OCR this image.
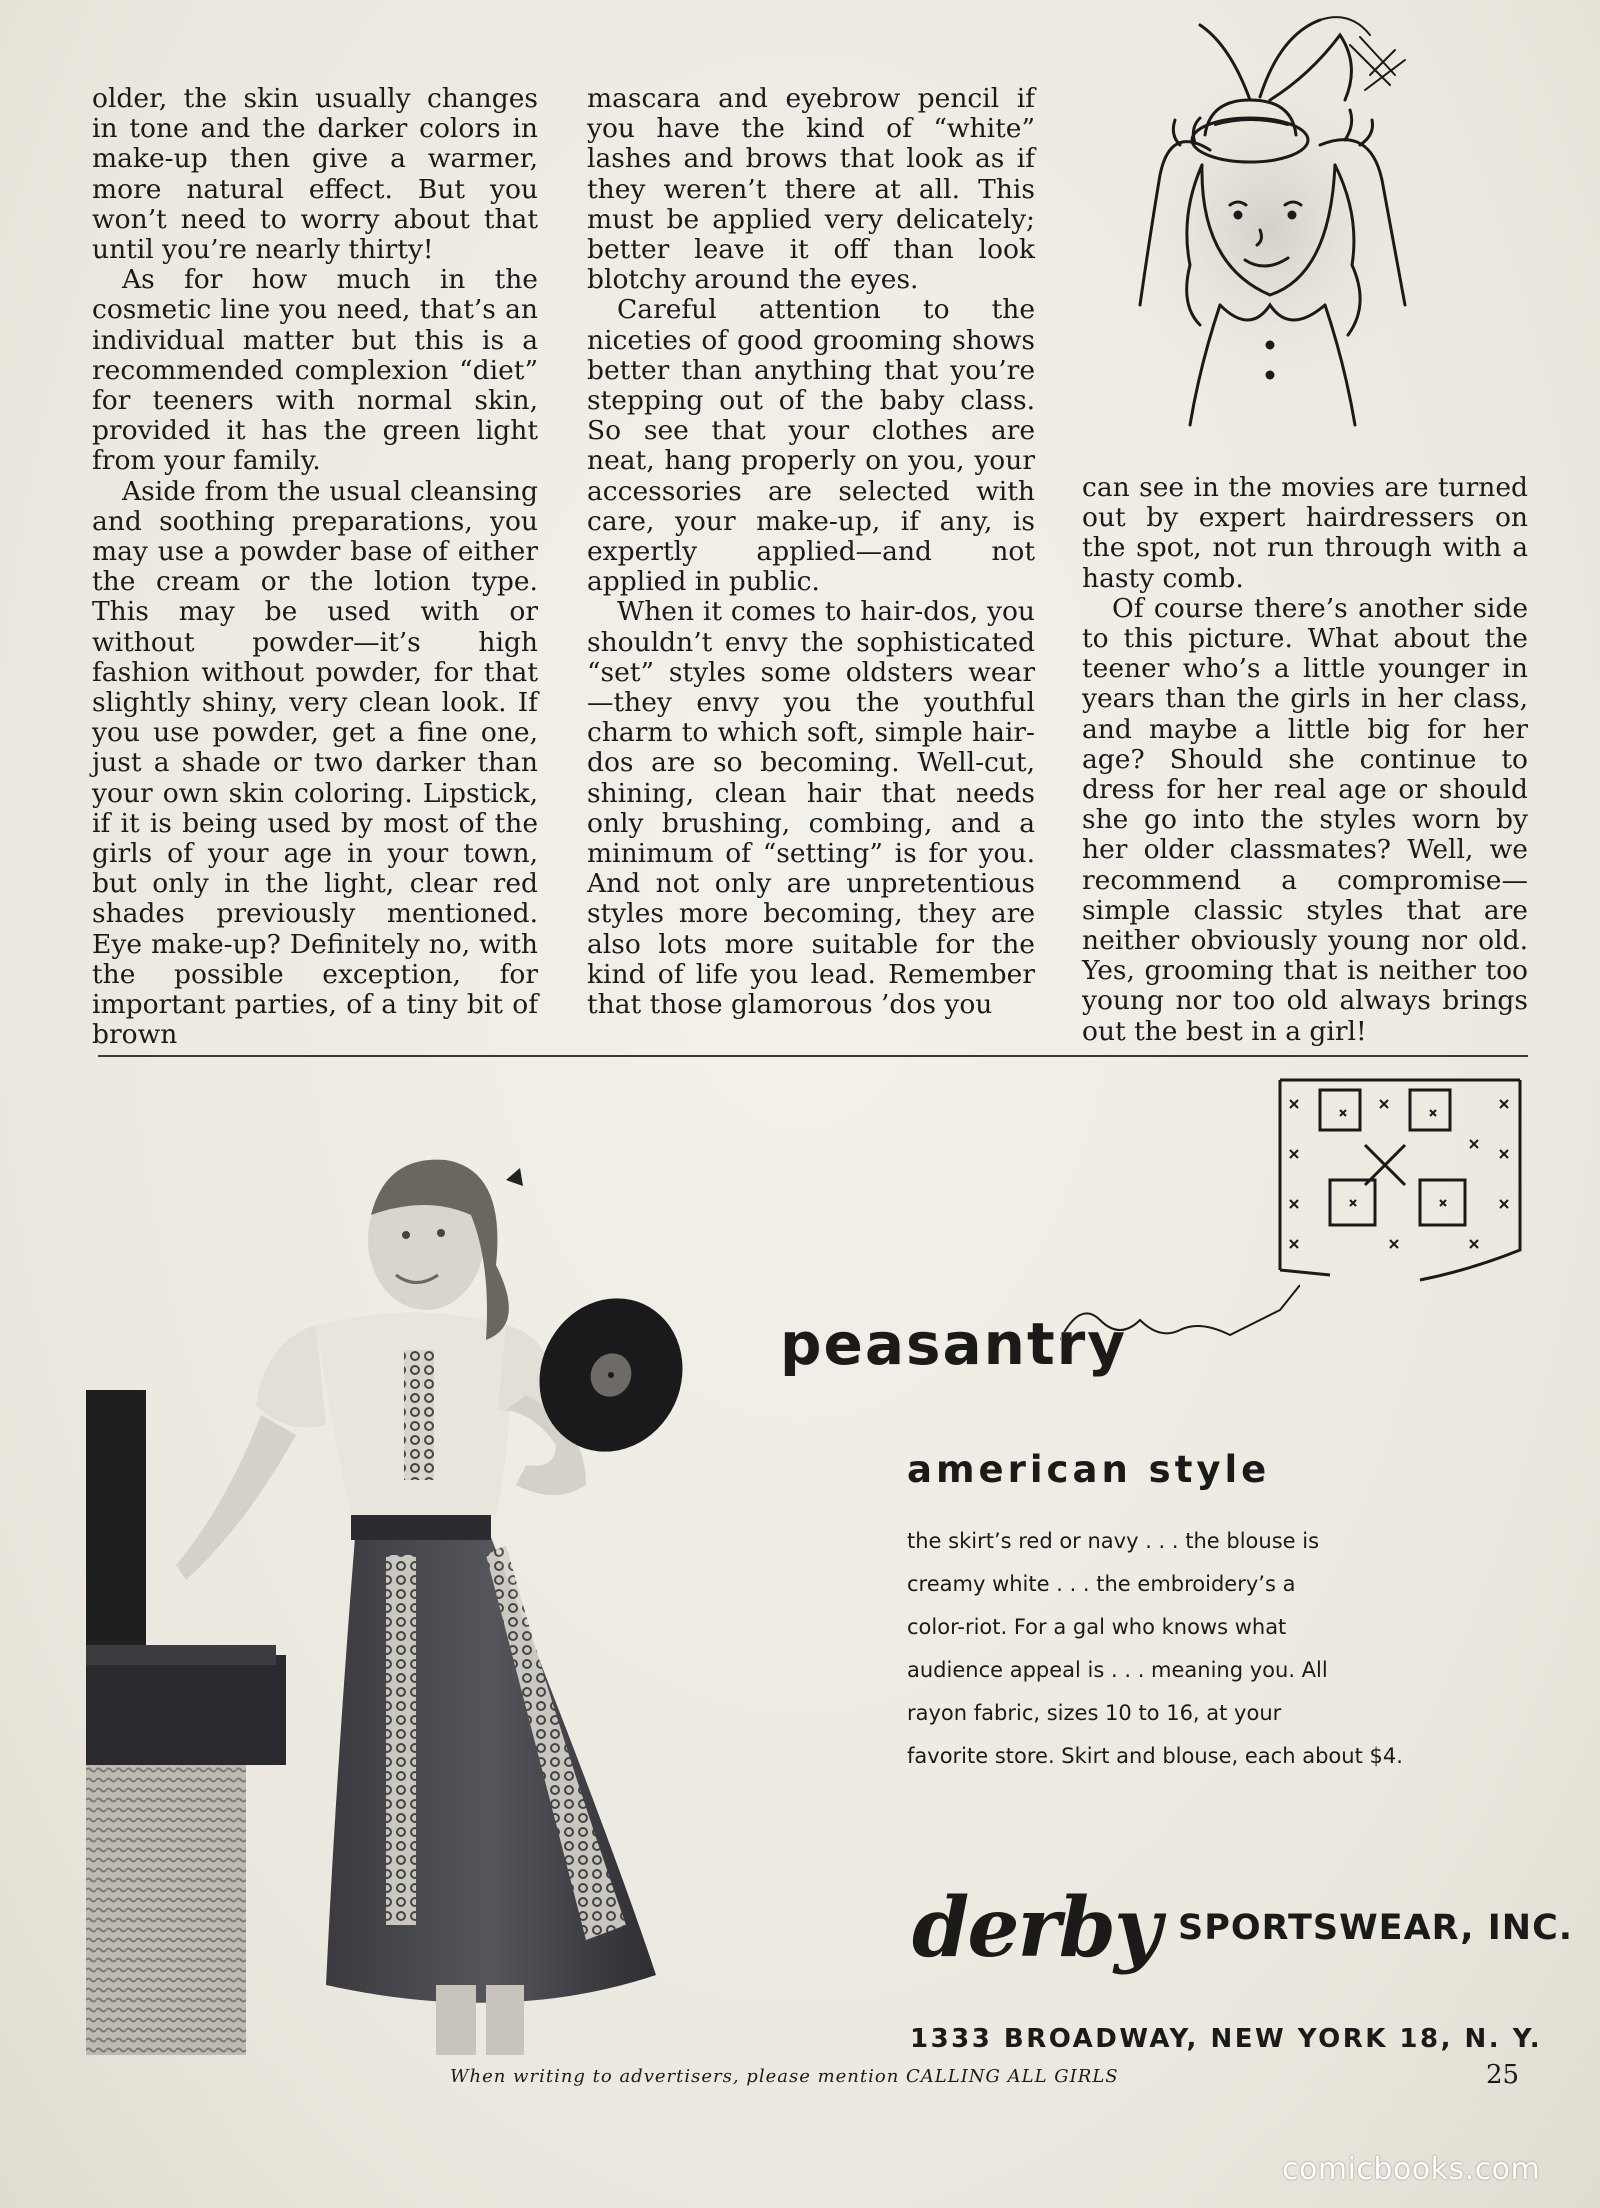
older, the skin usually changes in tone and the darker colors in make-up then give a warmer, more natural effect. But you won’t need to worry about that until you’re nearly thirty!

As for how much in the cosmetic line you need, that’s an individual matter but this is a recommended complexion “diet” for teeners with normal skin, provided it has the green light from your family.

Aside from the usual cleansing and soothing preparations, you may use a powder base of either the cream or the lotion type. This may be used with or without powder—it’s high fashion without powder, for that slightly shiny, very clean look. If you use powder, get a fine one, just a shade or two darker than your own skin coloring. Lipstick, if it is being used by most of the girls of your age in your town, but only in the light, clear red shades previously mentioned. Eye make-up? Definitely no, with the possible exception, for important parties, of a tiny bit of brown

mascara and eyebrow pencil if you have the kind of “white” lashes and brows that look as if they weren’t there at all. This must be applied very delicately; better leave it off than look blotchy around the eyes.

Careful attention to the niceties of good grooming shows better than anything that you’re stepping out of the baby class. So see that your clothes are neat, hang properly on you, your accessories are selected with care, your make-up, if any, is expertly applied—and not applied in public.

When it comes to hair-dos, you shouldn’t envy the sophisticated “set” styles some oldsters wear—they envy you the youthful charm to which soft, simple hair-dos are so becoming. Well-cut, shining, clean hair that needs only brushing, combing, and a minimum of “setting” is for you. And not only are unpretentious styles more becoming, they are also lots more suitable for the kind of life you lead. Remember that those glamorous ’dos you

can see in the movies are turned out by expert hairdressers on the spot, not run through with a hasty comb.

Of course there’s another side to this picture. What about the teener who’s a little younger in years than the girls in her class, and maybe a little big for her age? Should she continue to dress for her real age or should she go into the styles worn by her older classmates? Well, we recommend a compromise—simple classic styles that are neither obviously young nor old. Yes, grooming that is neither too young nor too old always brings out the best in a girl!

peasantry
american style
the skirt’s red or navy . . . the blouse is
creamy white . . . the embroidery’s a
color-riot. For a gal who knows what
audience appeal is . . . meaning you. All
rayon fabric, sizes 10 to 16, at your
favorite store. Skirt and blouse, each about $4.
derby SPORTSWEAR, INC.
1333 BROADWAY, NEW YORK 18, N. Y.
When writing to advertisers, please mention CALLING ALL GIRLS	25
comicbooks.com
